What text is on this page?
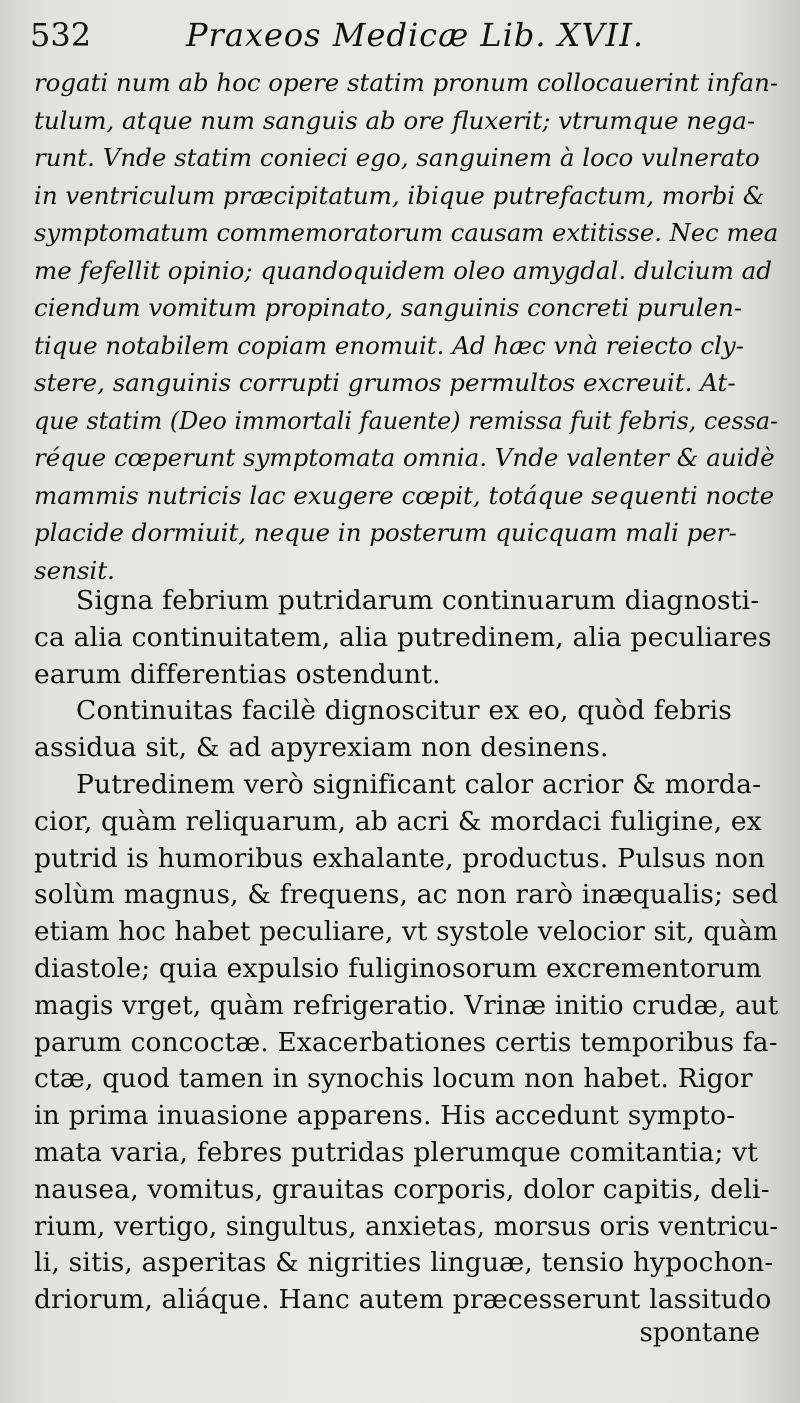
532	Praxeos Medicæ Lib. XVII.
rogati num ab hoc opere statim pronum collocauerint infan-
tulum, atque num sanguis ab ore fluxerit; vtrumque nega-
runt. Vnde statim conieci ego, sanguinem à loco vulnerato
in ventriculum præcipitatum, ibique putrefactum, morbi &
symptomatum commemoratorum causam extitisse. Nec mea
me fefellit opinio; quandoquidem oleo amygdal. dulcium ad
ciendum vomitum propinato, sanguinis concreti purulen-
tique notabilem copiam enomuit. Ad hæc vnà reiecto cly-
stere, sanguinis corrupti grumos permultos excreuit. At-
que statim (Deo immortali fauente) remissa fuit febris, cessa-
réque cœperunt symptomata omnia. Vnde valenter & auidè
mammis nutricis lac exugere cœpit, totáque sequenti nocte
placide dormiuit, neque in posterum quicquam mali per-
sensit.
Signa febrium putridarum continuarum diagnosti-
ca alia continuitatem, alia putredinem, alia peculiares
earum differentias ostendunt.
Continuitas facilè dignoscitur ex eo, quòd febris
assidua sit, & ad apyrexiam non desinens.
Putredinem verò significant calor acrior & morda-
cior, quàm reliquarum, ab acri & mordaci fuligine, ex
putrid is humoribus exhalante, productus. Pulsus non
solùm magnus, & frequens, ac non rarò inæqualis; sed
etiam hoc habet peculiare, vt systole velocior sit, quàm
diastole; quia expulsio fuliginosorum excrementorum
magis vrget, quàm refrigeratio. Vrinæ initio crudæ, aut
parum concoctæ. Exacerbationes certis temporibus fa-
ctæ, quod tamen in synochis locum non habet. Rigor
in prima inuasione apparens. His accedunt sympto-
mata varia, febres putridas plerumque comitantia; vt
nausea, vomitus, grauitas corporis, dolor capitis, deli-
rium, vertigo, singultus, anxietas, morsus oris ventricu-
li, sitis, asperitas & nigrities linguæ, tensio hypochon-
driorum, aliáque. Hanc autem præcesserunt lassitudo
spontane
